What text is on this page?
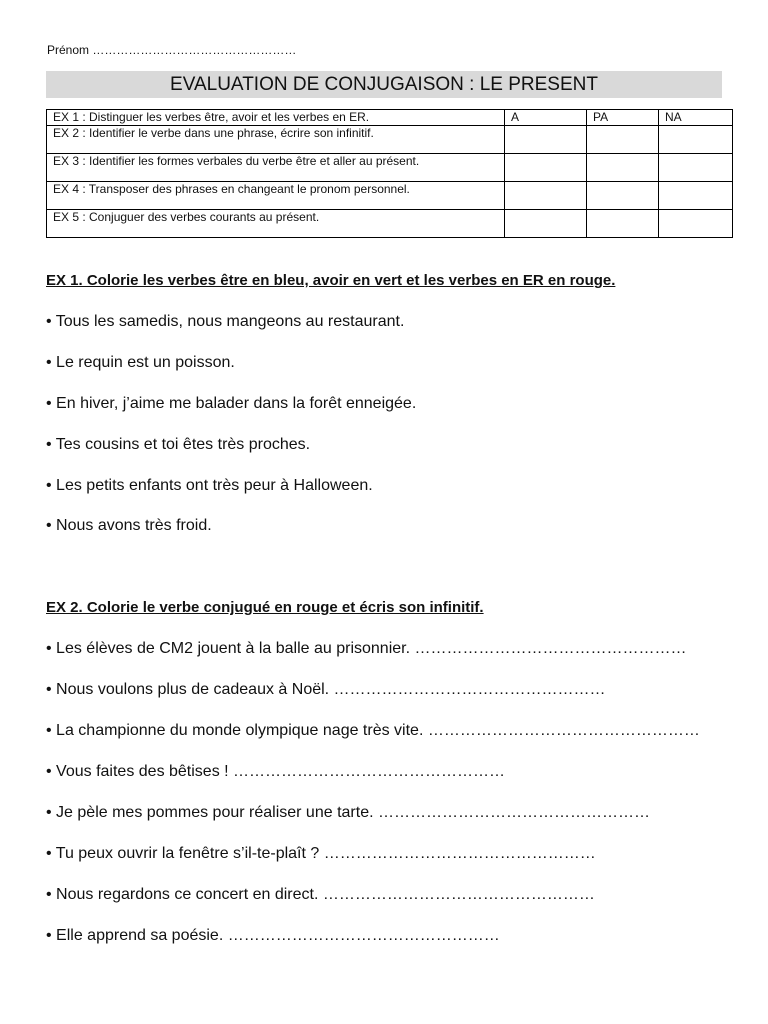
Prénom ……………………………………………
EVALUATION DE CONJUGAISON : LE PRESENT
EX 1 : Distinguer les verbes être, avoir et les verbes en ER.	A	PA	NA
EX 2 : Identifier le verbe dans une phrase, écrire son infinitif.			
EX 3 : Identifier les formes verbales du verbe être et aller au présent.			
EX 4 : Transposer des phrases en changeant le pronom personnel.			
EX 5 : Conjuguer des verbes courants au présent.			
EX 1. Colorie les verbes être en bleu, avoir en vert et les verbes en ER en rouge.
• Tous les samedis, nous mangeons au restaurant.
• Le requin est un poisson.
• En hiver, j’aime me balader dans la forêt enneigée.
• Tes cousins et toi êtes très proches.
• Les petits enfants ont très peur à Halloween.
• Nous avons très froid.
EX 2. Colorie le verbe conjugué en rouge et écris son infinitif.
• Les élèves de CM2 jouent à la balle au prisonnier. ……………………………………………
• Nous voulons plus de cadeaux à Noël. ……………………………………………
• La championne du monde olympique nage très vite. ……………………………………………
• Vous faites des bêtises ! ……………………………………………
• Je pèle mes pommes pour réaliser une tarte. ……………………………………………
• Tu peux ouvrir la fenêtre s’il-te-plaît ? ……………………………………………
• Nous regardons ce concert en direct. ……………………………………………
• Elle apprend sa poésie. ……………………………………………
